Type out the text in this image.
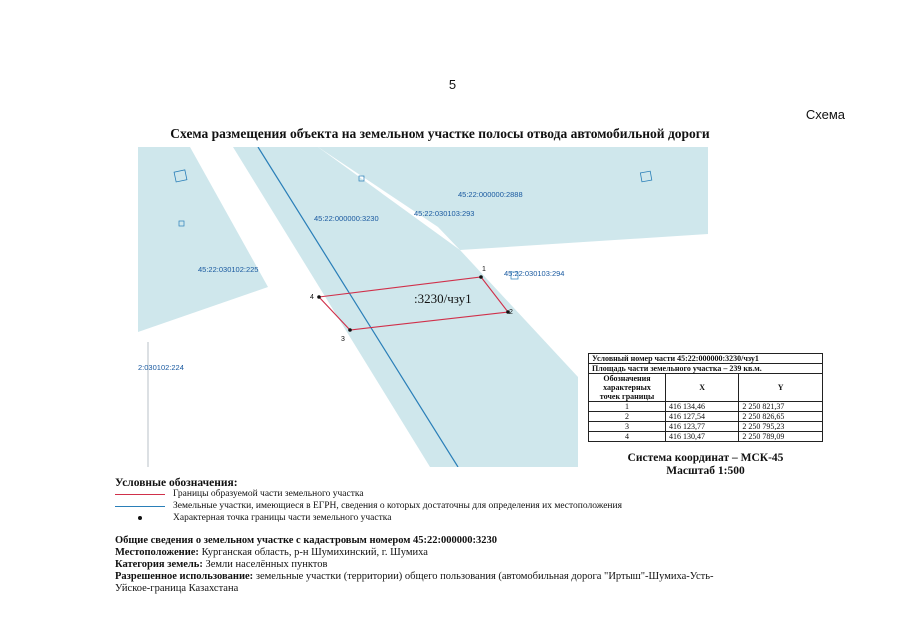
5
Схема
Схема размещения объекта на земельном участке полосы отвода автомобильной дороги
1
2
3
4	:3230/чзу1
45:22:000000:2888
45:22:030103:293
45:22:000000:3230
45:22:030102:225	45:22:030103:294
2:030102:224
Условный номер части 45:22:000000:3230/чзу1		
Площадь части земельного участка – 239 кв.м.		
Обозначения характерных точек границы	X	Y
1	416 134,46	2 250 821,37
2	416 127,54	2 250 826,65
3	416 123,77	2 250 795,23
4	416 130,47	2 250 789,09
Система координат – МСК-45
Масштаб 1:500
Условные обозначения:
Границы образуемой части земельного участка
Земельные участки, имеющиеся в ЕГРН, сведения о которых достаточны для определения их местоположения
Характерная точка границы части земельного участка
Общие сведения о земельном участке с кадастровым номером 45:22:000000:3230
Местоположение: Курганская область, р-н Шумихинский, г. Шумиха
Категория земель: Земли населённых пунктов
Разрешенное использование: земельные участки (территории) общего пользования (автомобильная дорога "Иртыш"-Шумиха-Усть-
Уйское-граница Казахстана
